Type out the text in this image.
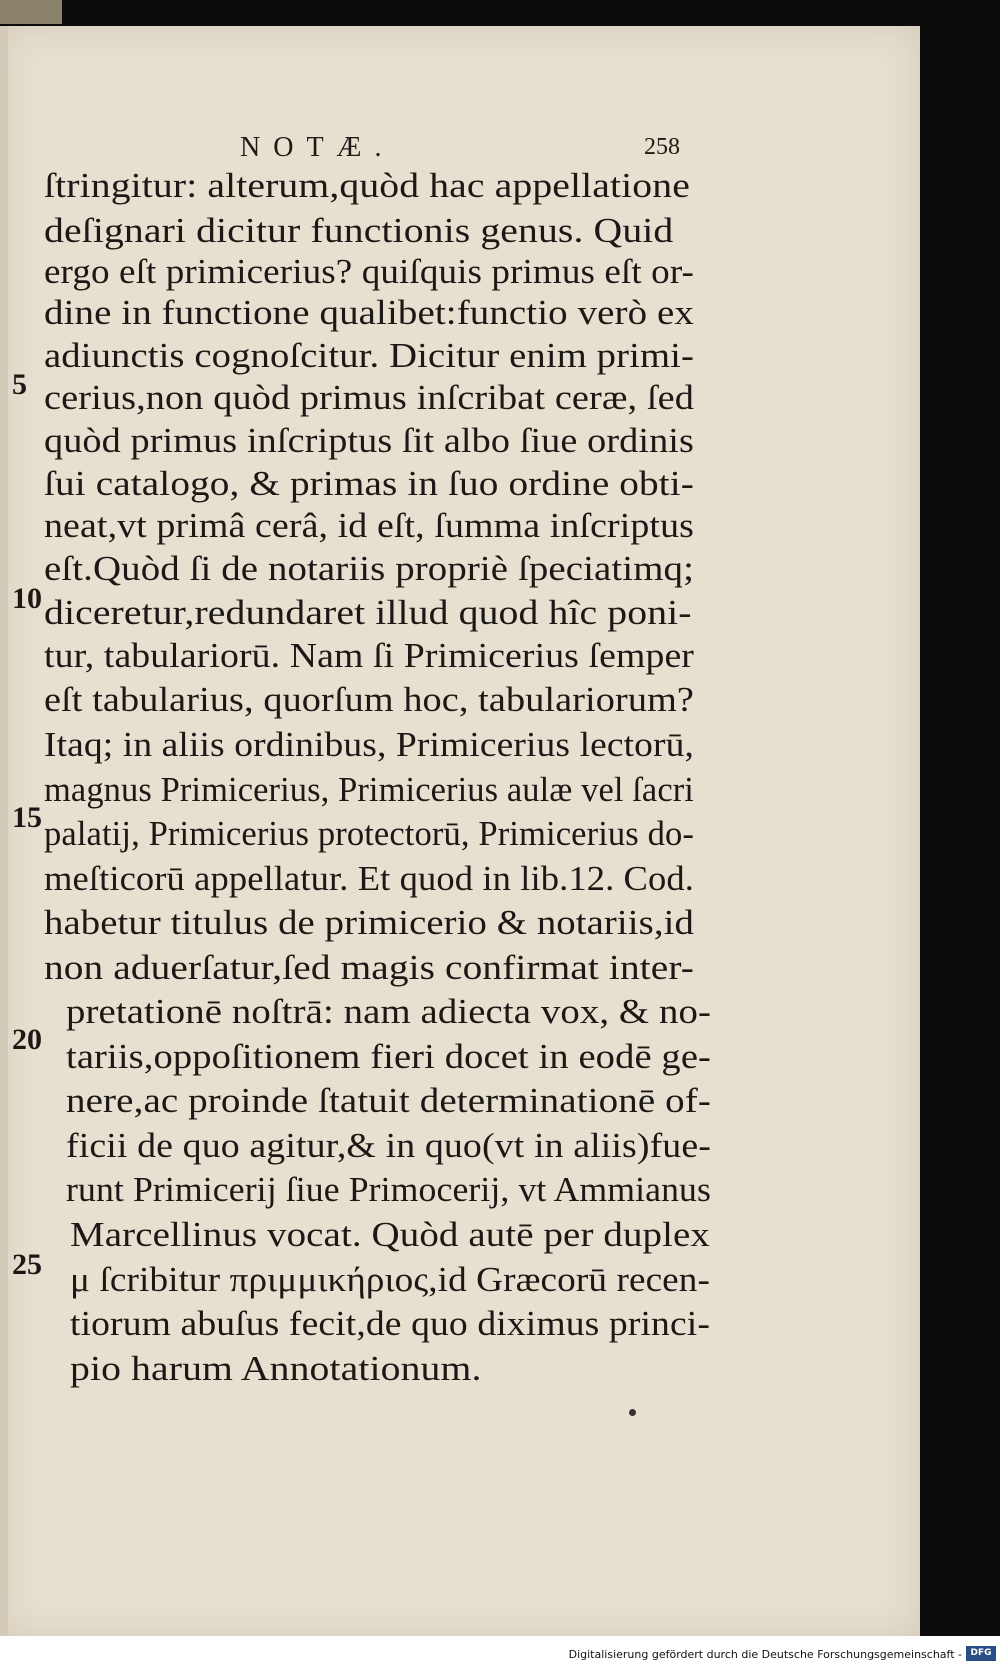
NOTÆ.	258
ſtringitur: alterum,quòd hac appellatione
deſignari dicitur functionis genus. Quid
ergo eſt primicerius? quiſquis primus eſt or-
dine in functione qualibet:functio verò ex
adiunctis cognoſcitur. Dicitur enim primi-
cerius,non quòd primus inſcribat ceræ, ſed
quòd primus inſcriptus ſit albo ſiue ordinis
ſui catalogo, & primas in ſuo ordine obti-
neat,vt primâ cerâ, id eſt, ſumma inſcriptus
eſt.Quòd ſi de notariis propriè ſpeciatimq;
diceretur,redundaret illud quod hîc poni-
tur, tabulariorū. Nam ſi Primicerius ſemper
eſt tabularius, quorſum hoc, tabulariorum?
Itaq; in aliis ordinibus, Primicerius lectorū,
magnus Primicerius, Primicerius aulæ vel ſacri
palatij, Primicerius protectorū, Primicerius do-
meſticorū appellatur. Et quod in lib.12. Cod.
habetur titulus de primicerio & notariis,id
non aduerſatur,ſed magis confirmat inter-
pretationē noſtrā: nam adiecta vox, & no-
tariis,oppoſitionem fieri docet in eodē ge-
nere,ac proinde ſtatuit determinationē of-
ficii de quo agitur,& in quo(vt in aliis)fue-
runt Primicerij ſiue Primocerij, vt Ammianus
Marcellinus vocat. Quòd autē per duplex
μ ſcribitur πριμμικήριος,id Græcorū recen-
tiorum abuſus fecit,de quo diximus princi-
pio harum Annotationum.
5
10
15
20
25
Digitalisierung gefördert durch die Deutsche Forschungsgemeinschaft - DFG
